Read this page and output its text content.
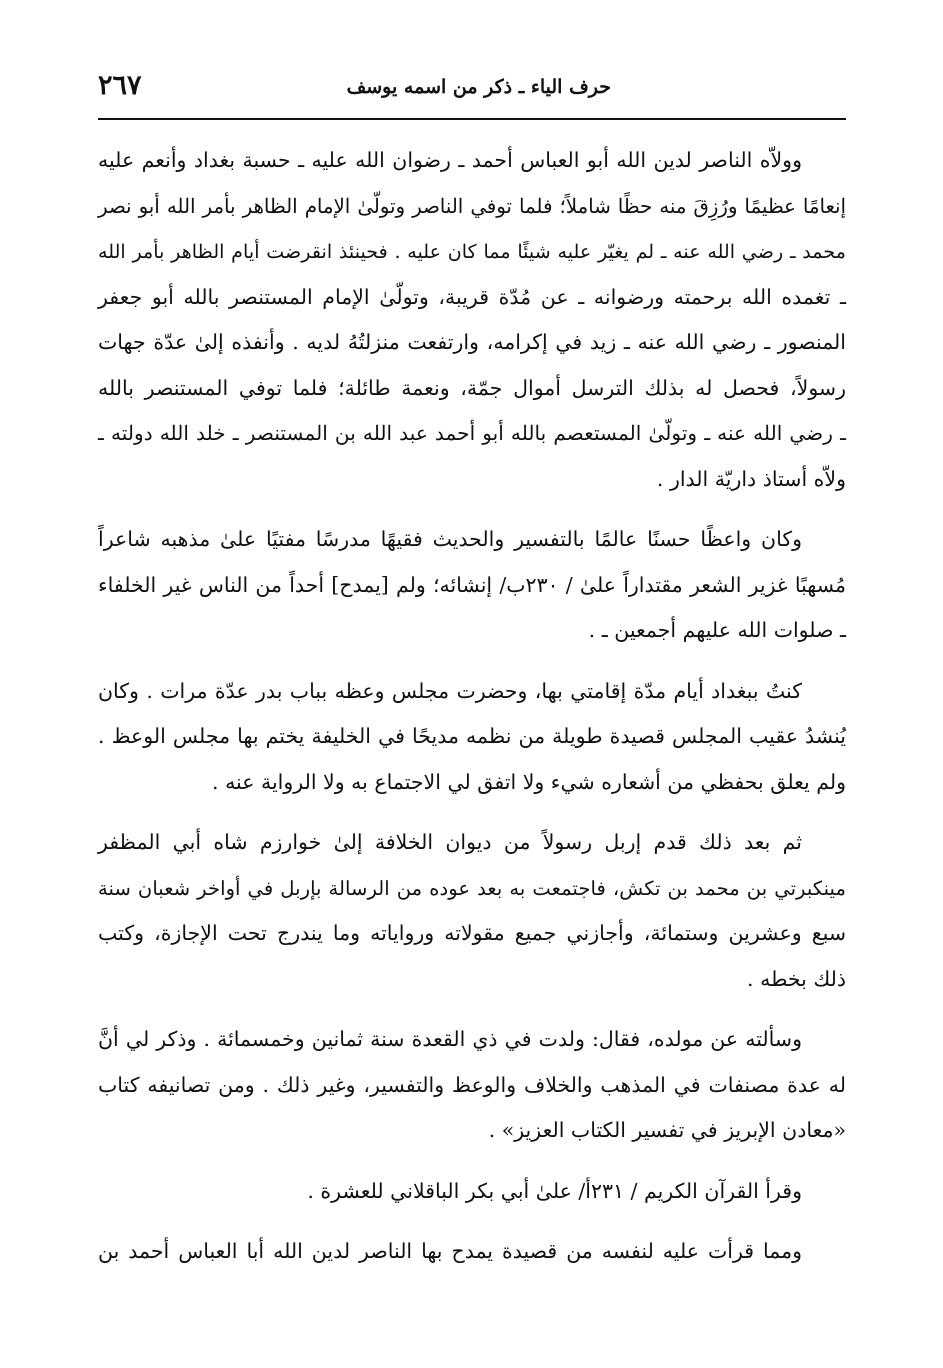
٢٦٧	حرف الياء ـ ذكر من اسمه يوسف

وولاّه الناصر لدين الله أبو العباس أحمد ـ رضوان الله عليه ـ حسبة بغداد وأنعم عليه
إنعامًا عظيمًا ورُزِقَ منه حظًا شاملاً؛ فلما توفي الناصر وتولّىٰ الإمام الظاهر بأمر الله أبو نصر
محمد ـ رضي الله عنه ـ لم يغيّر عليه شيئًا مما كان عليه . فحينئذ انقرضت أيام الظاهر بأمر الله
ـ تغمده الله برحمته ورضوانه ـ عن مُدّة قريبة، وتولّىٰ الإمام المستنصر بالله أبو جعفر
المنصور ـ رضي الله عنه ـ زيد في إكرامه، وارتفعت منزلتُهُ لديه . وأنفذه إلىٰ عدّة جهات
رسولاً، فحصل له بذلك الترسل أموال جمّة، ونعمة طائلة؛ فلما توفي المستنصر بالله
ـ رضي الله عنه ـ وتولّىٰ المستعصم بالله أبو أحمد عبد الله بن المستنصر ـ خلد الله دولته ـ
ولاّه أستاذ داريّة الدار .

وكان واعظًا حسنًا عالمًا بالتفسير والحديث فقيهًا مدرسًا مفتيًا علىٰ مذهبه شاعراً
مُسهبًا غزير الشعر مقتداراً علىٰ / ٢٣٠ب/ إنشائه؛ ولم [يمدح] أحداً من الناس غير الخلفاء
ـ صلوات الله عليهم أجمعين ـ .

كنتُ ببغداد أيام مدّة إقامتي بها، وحضرت مجلس وعظه بباب بدر عدّة مرات . وكان
يُنشدُ عقيب المجلس قصيدة طويلة من نظمه مديحًا في الخليفة يختم بها مجلس الوعظ .
ولم يعلق بحفظي من أشعاره شيء ولا اتفق لي الاجتماع به ولا الرواية عنه .

ثم بعد ذلك قدم إربل رسولاً من ديوان الخلافة إلىٰ خوارزم شاه أبي المظفر
مينكبرتي بن محمد بن تكش، فاجتمعت به بعد عوده من الرسالة بإربل في أواخر شعبان سنة
سبع وعشرين وستمائة، وأجازني جميع مقولاته ورواياته وما يندرج تحت الإجازة، وكتب
ذلك بخطه .

وسألته عن مولده، فقال: ولدت في ذي القعدة سنة ثمانين وخمسمائة . وذكر لي أنَّ
له عدة مصنفات في المذهب والخلاف والوعظ والتفسير، وغير ذلك . ومن تصانيفه كتاب
«معادن الإبريز في تفسير الكتاب العزيز» .

وقرأ القرآن الكريم / ٢٣١أ/ علىٰ أبي بكر الباقلاني للعشرة .

ومما قرأت عليه لنفسه من قصيدة يمدح بها الناصر لدين الله أبا العباس أحمد بن
